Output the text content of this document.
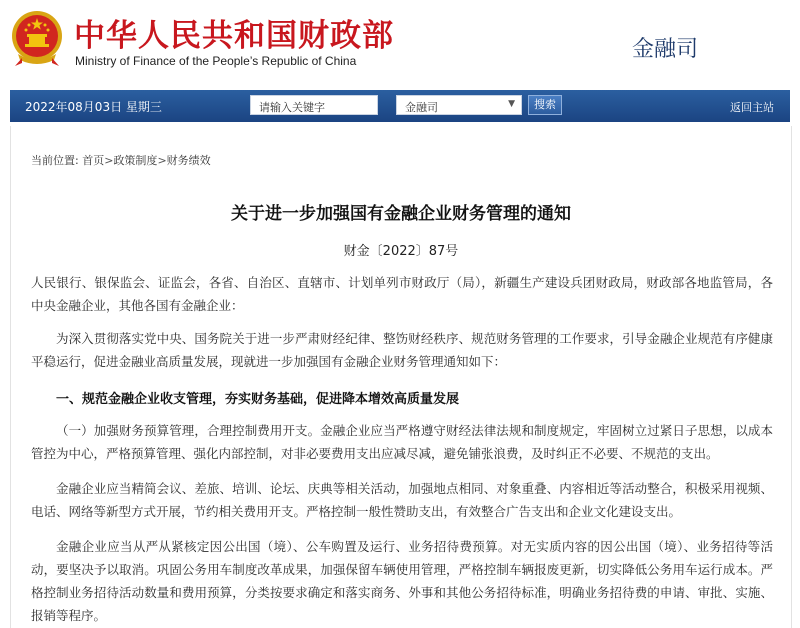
中华人民共和国财政部
Ministry of Finance of the People’s Republic of China	金融司
2022年08月03日 星期三	请输入关键字	金融司	▼	搜索	返回主站
当前位置: 首页>政策制度>财务绩效
关于进一步加强国有金融企业财务管理的通知
财金〔2022〕87号

人民银行、银保监会、证监会，各省、自治区、直辖市、计划单列市财政厅（局），新疆生产建设兵团财政局，财政部各地监管局，各中央金融企业，其他各国有金融企业：

为深入贯彻落实党中央、国务院关于进一步严肃财经纪律、整饬财经秩序、规范财务管理的工作要求，引导金融企业规范有序健康平稳运行，促进金融业高质量发展，现就进一步加强国有金融企业财务管理通知如下：

一、规范金融企业收支管理，夯实财务基础，促进降本增效高质量发展

（一）加强财务预算管理，合理控制费用开支。金融企业应当严格遵守财经法律法规和制度规定，牢固树立过紧日子思想，以成本管控为中心，严格预算管理、强化内部控制，对非必要费用支出应减尽减，避免铺张浪费，及时纠正不必要、不规范的支出。

金融企业应当精简会议、差旅、培训、论坛、庆典等相关活动，加强地点相同、对象重叠、内容相近等活动整合，积极采用视频、电话、网络等新型方式开展，节约相关费用开支。严格控制一般性赞助支出，有效整合广告支出和企业文化建设支出。

金融企业应当从严从紧核定因公出国（境）、公车购置及运行、业务招待费预算。对无实质内容的因公出国（境）、业务招待等活动，要坚决予以取消。巩固公务用车制度改革成果，加强保留车辆使用管理，严格控制车辆报废更新，切实降低公务用车运行成本。严格控制业务招待活动数量和费用预算，分类按要求确定和落实商务、外事和其他公务招待标准，明确业务招待费的申请、审批、实施、报销等程序。
